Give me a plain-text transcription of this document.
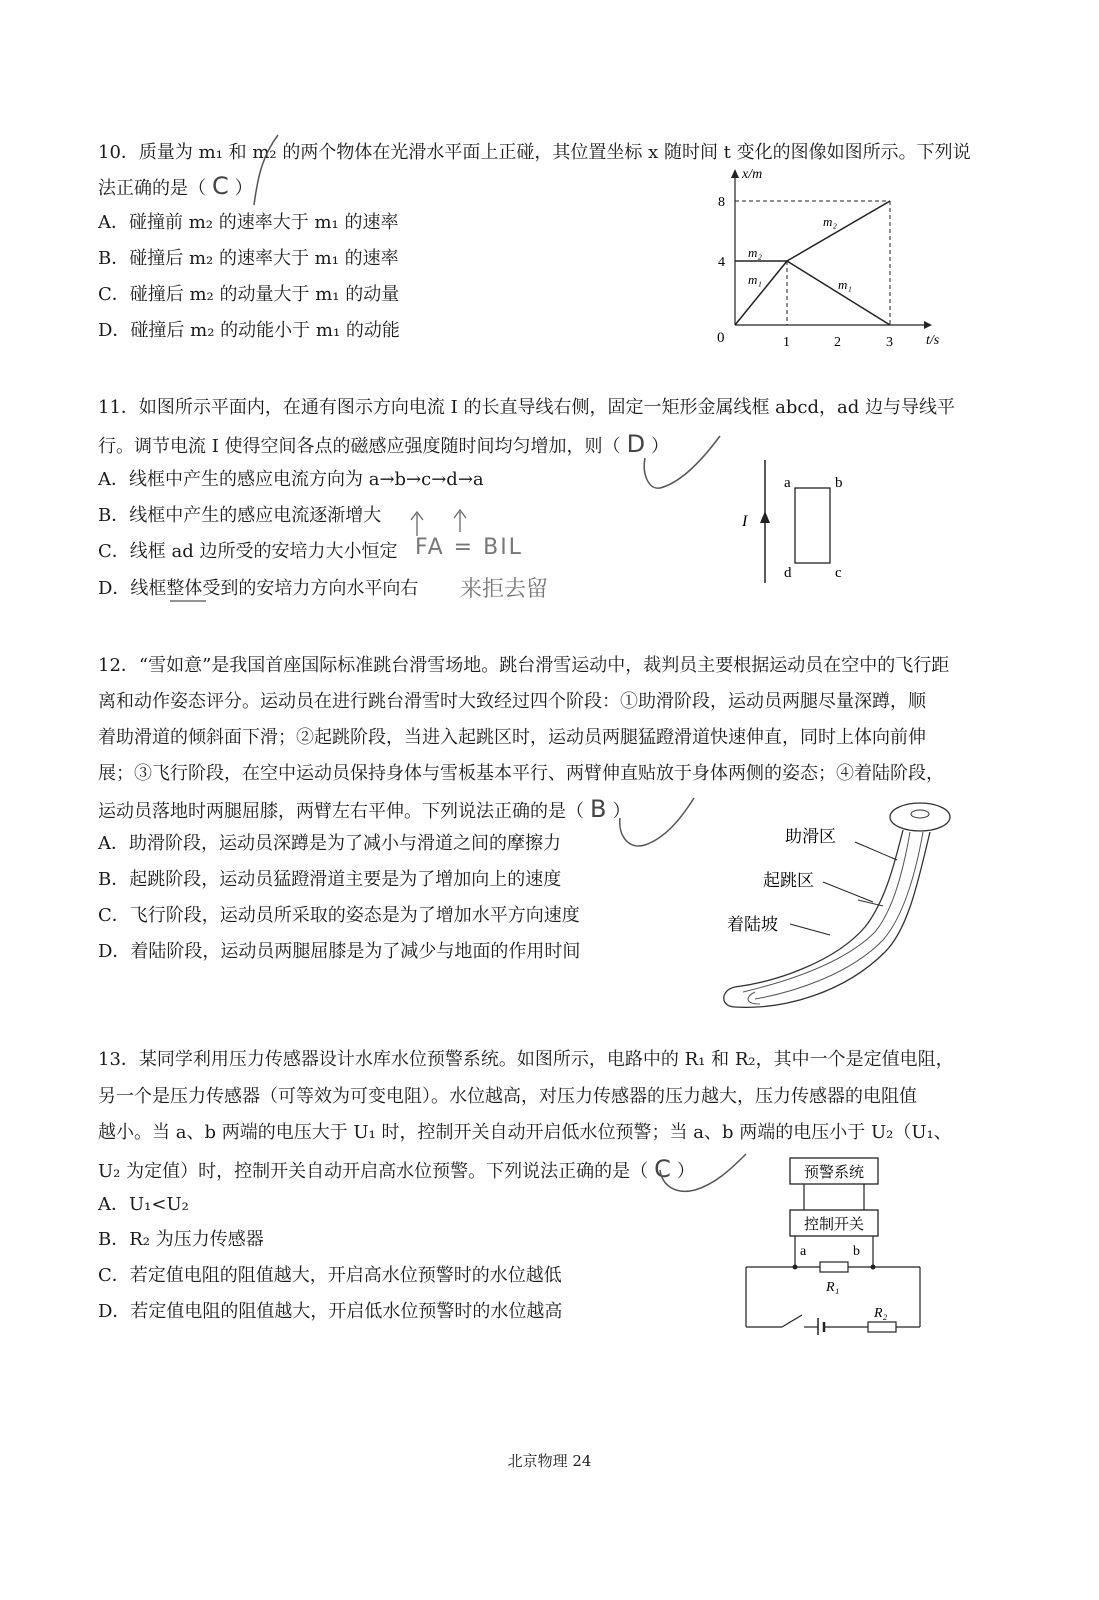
10．质量为 m₁ 和 m₂ 的两个物体在光滑水平面上正碰，其位置坐标 x 随时间 t 变化的图像如图所示。下列说
法正确的是（ C ）
A．碰撞前 m₂ 的速率大于 m₁ 的速率
B．碰撞后 m₂ 的速率大于 m₁ 的速率
C．碰撞后 m₂ 的动量大于 m₁ 的动量
D．碰撞后 m₂ 的动能小于 m₁ 的动能
x/m
t/s
0	1	2	3
4
8
m₂
m₁
m₂
m₁
11．如图所示平面内，在通有图示方向电流 I 的长直导线右侧，固定一矩形金属线框 abcd，ad 边与导线平
行。调节电流 I 使得空间各点的磁感应强度随时间均匀增加，则（ D ）
A．线框中产生的感应电流方向为 a→b→c→d→a
B．线框中产生的感应电流逐渐增大
C．线框 ad 边所受的安培力大小恒定
D．线框整体受到的安培力方向水平向右
FA = BIL
来拒去留
I
a	b
c
d
12．“雪如意”是我国首座国际标准跳台滑雪场地。跳台滑雪运动中，裁判员主要根据运动员在空中的飞行距
离和动作姿态评分。运动员在进行跳台滑雪时大致经过四个阶段：①助滑阶段，运动员两腿尽量深蹲，顺
着助滑道的倾斜面下滑；②起跳阶段，当进入起跳区时，运动员两腿猛蹬滑道快速伸直，同时上体向前伸
展；③飞行阶段，在空中运动员保持身体与雪板基本平行、两臂伸直贴放于身体两侧的姿态；④着陆阶段，
运动员落地时两腿屈膝，两臂左右平伸。下列说法正确的是（ B ）
A．助滑阶段，运动员深蹲是为了减小与滑道之间的摩擦力
B．起跳阶段，运动员猛蹬滑道主要是为了增加向上的速度
C．飞行阶段，运动员所采取的姿态是为了增加水平方向速度
D．着陆阶段，运动员两腿屈膝是为了减少与地面的作用时间
助滑区
起跳区
着陆坡
13．某同学利用压力传感器设计水库水位预警系统。如图所示，电路中的 R₁ 和 R₂，其中一个是定值电阻，
另一个是压力传感器（可等效为可变电阻）。水位越高，对压力传感器的压力越大，压力传感器的电阻值
越小。当 a、b 两端的电压大于 U₁ 时，控制开关自动开启低水位预警；当 a、b 两端的电压小于 U₂（U₁、
U₂ 为定值）时，控制开关自动开启高水位预警。下列说法正确的是（ C ）
A．U₁<U₂
B．R₂ 为压力传感器
C．若定值电阻的阻值越大，开启高水位预警时的水位越低
D．若定值电阻的阻值越大，开启低水位预警时的水位越高
预警系统
控制开关
a	b
R₁
R₂
北京物理 24
